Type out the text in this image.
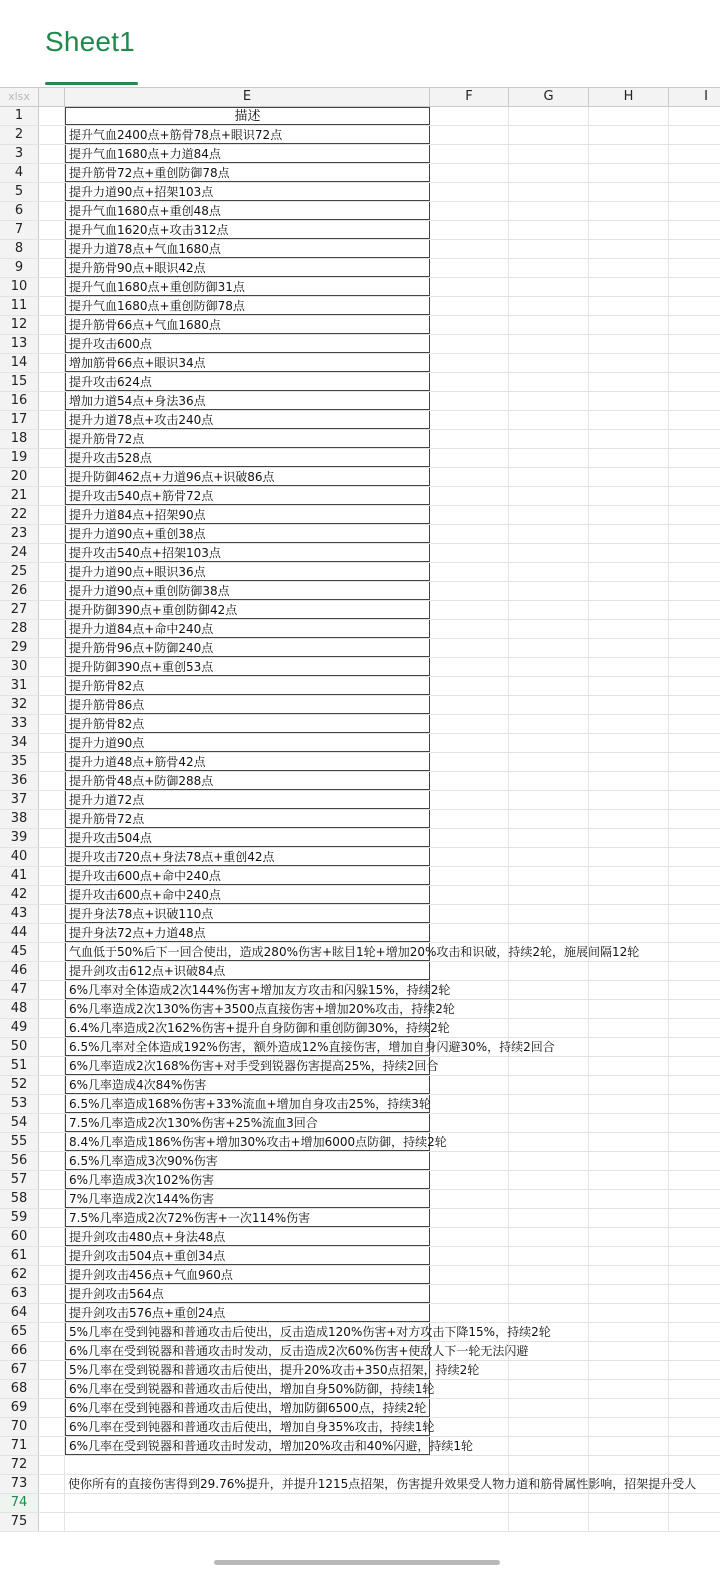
Sheet1
xlsx	E	F	G	H	I
1	描述
2	提升气血2400点+筋骨78点+眼识72点
3	提升气血1680点+力道84点
4	提升筋骨72点+重创防御78点
5	提升力道90点+招架103点
6	提升气血1680点+重创48点
7	提升气血1620点+攻击312点
8	提升力道78点+气血1680点
9	提升筋骨90点+眼识42点
10	提升气血1680点+重创防御31点
11	提升气血1680点+重创防御78点
12	提升筋骨66点+气血1680点
13	提升攻击600点
14	增加筋骨66点+眼识34点
15	提升攻击624点
16	增加力道54点+身法36点
17	提升力道78点+攻击240点
18	提升筋骨72点
19	提升攻击528点
20	提升防御462点+力道96点+识破86点
21	提升攻击540点+筋骨72点
22	提升力道84点+招架90点
23	提升力道90点+重创38点
24	提升攻击540点+招架103点
25	提升力道90点+眼识36点
26	提升力道90点+重创防御38点
27	提升防御390点+重创防御42点
28	提升力道84点+命中240点
29	提升筋骨96点+防御240点
30	提升防御390点+重创53点
31	提升筋骨82点
32	提升筋骨86点
33	提升筋骨82点
34	提升力道90点
35	提升力道48点+筋骨42点
36	提升筋骨48点+防御288点
37	提升力道72点
38	提升筋骨72点
39	提升攻击504点
40	提升攻击720点+身法78点+重创42点
41	提升攻击600点+命中240点
42	提升攻击600点+命中240点
43	提升身法78点+识破110点
44	提升身法72点+力道48点
45	气血低于50%后下一回合使出，造成280%伤害+眩目1轮+增加20%攻击和识破，持续2轮，施展间隔12轮
46	提升剑攻击612点+识破84点
47	6%几率对全体造成2次144%伤害+增加友方攻击和闪躲15%，持续2轮
48	6%几率造成2次130%伤害+3500点直接伤害+增加20%攻击，持续2轮
49	6.4%几率造成2次162%伤害+提升自身防御和重创防御30%，持续2轮
50	6.5%几率对全体造成192%伤害，额外造成12%直接伤害，增加自身闪避30%，持续2回合
51	6%几率造成2次168%伤害+对手受到锐器伤害提高25%，持续2回合
52	6%几率造成4次84%伤害
53	6.5%几率造成168%伤害+33%流血+增加自身攻击25%，持续3轮
54	7.5%几率造成2次130%伤害+25%流血3回合
55	8.4%几率造成186%伤害+增加30%攻击+增加6000点防御，持续2轮
56	6.5%几率造成3次90%伤害
57	6%几率造成3次102%伤害
58	7%几率造成2次144%伤害
59	7.5%几率造成2次72%伤害+一次114%伤害
60	提升剑攻击480点+身法48点
61	提升剑攻击504点+重创34点
62	提升剑攻击456点+气血960点
63	提升剑攻击564点
64	提升剑攻击576点+重创24点
65	5%几率在受到钝器和普通攻击后使出，反击造成120%伤害+对方攻击下降15%，持续2轮
66	6%几率在受到锐器和普通攻击时发动，反击造成2次60%伤害+使敌人下一轮无法闪避
67	5%几率在受到锐器和普通攻击后使出，提升20%攻击+350点招架，持续2轮
68	6%几率在受到锐器和普通攻击后使出，增加自身50%防御，持续1轮
69	6%几率在受到钝器和普通攻击后使出，增加防御6500点，持续2轮
70	6%几率在受到钝器和普通攻击后使出，增加自身35%攻击，持续1轮
71	6%几率在受到锐器和普通攻击时发动，增加20%攻击和40%闪避，持续1轮
72
73	使你所有的直接伤害得到29.76%提升，并提升1215点招架，伤害提升效果受人物力道和筋骨属性影响，招架提升受人
74
75
